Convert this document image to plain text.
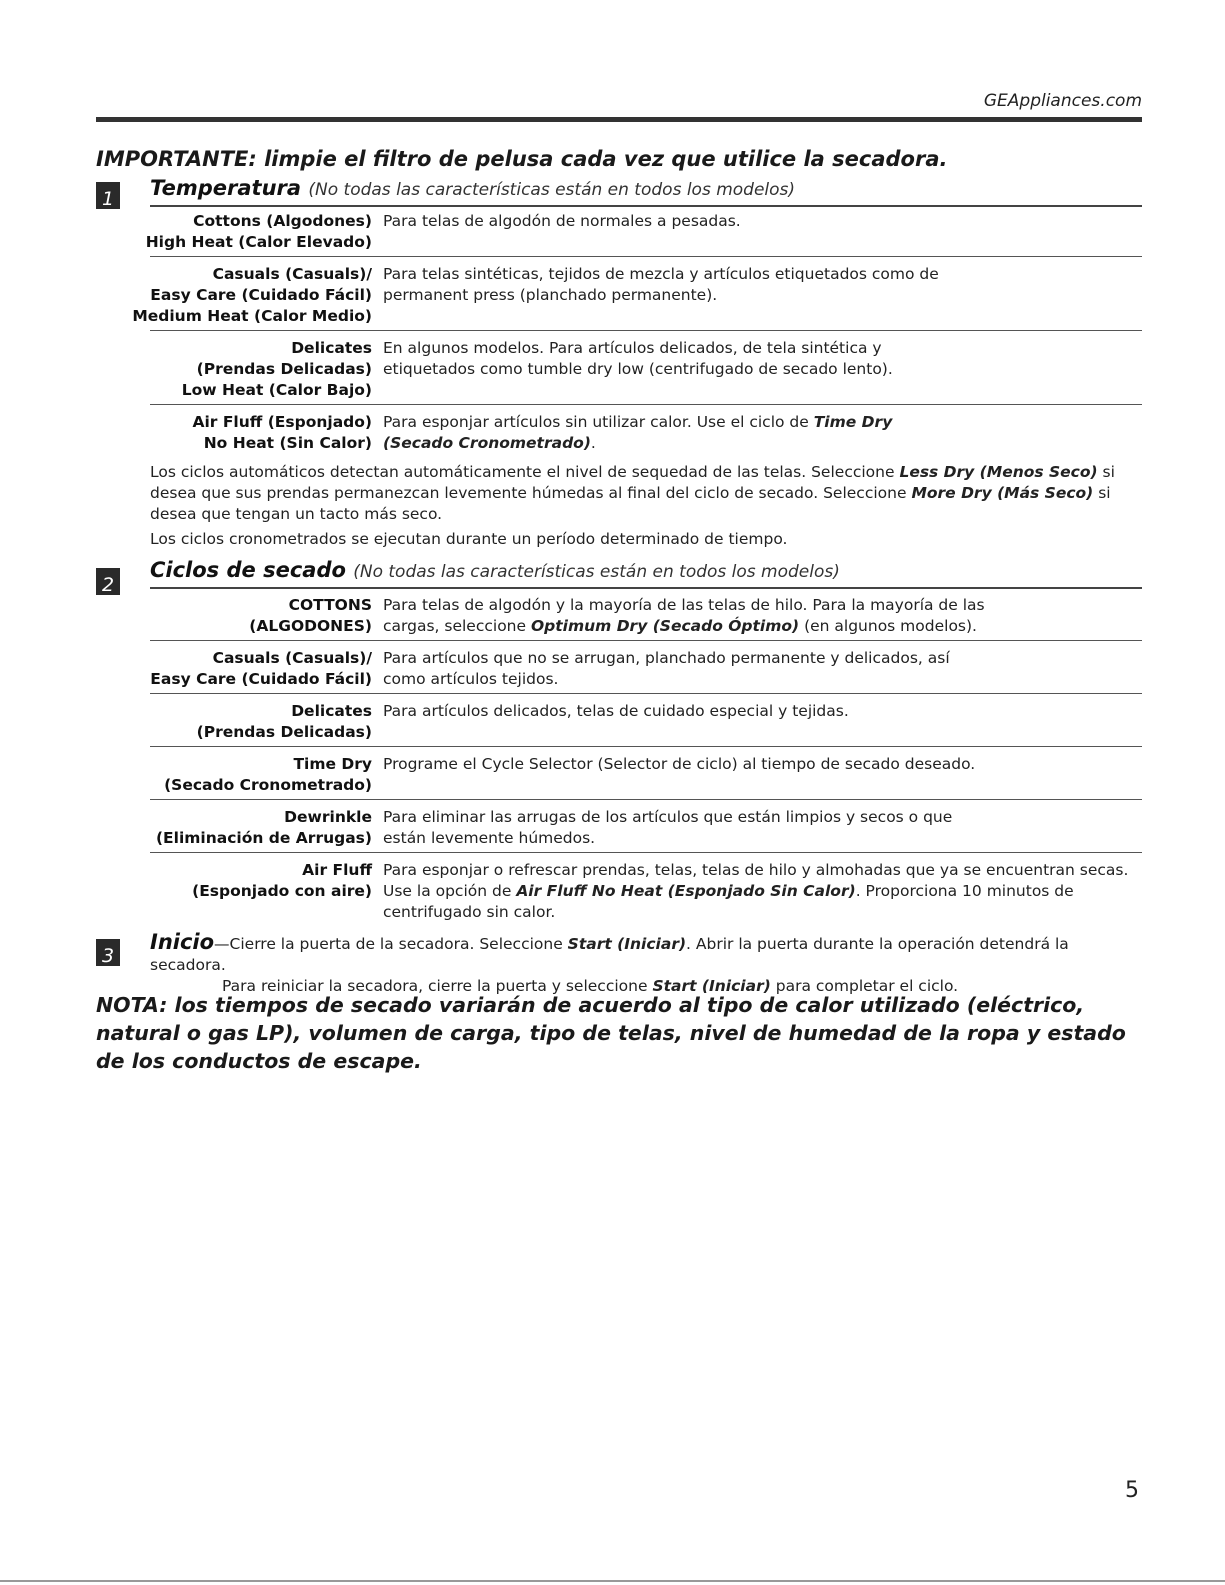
GEAppliances.com
IMPORTANTE: limpie el filtro de pelusa cada vez que utilice la secadora.
1 Temperatura (No todas las características están en todos los modelos)
Cottons (Algodones)
High Heat (Calor Elevado)
Para telas de algodón de normales a pesadas.
Casuals (Casuals)/
Easy Care (Cuidado Fácil)
Medium Heat (Calor Medio)
Para telas sintéticas, tejidos de mezcla y artículos etiquetados como de permanent press (planchado permanente).
Delicates
(Prendas Delicadas)
Low Heat (Calor Bajo)
En algunos modelos. Para artículos delicados, de tela sintética y etiquetados como tumble dry low (centrifugado de secado lento).
Air Fluff (Esponjado)
No Heat (Sin Calor)
Para esponjar artículos sin utilizar calor. Use el ciclo de Time Dry (Secado Cronometrado).
Los ciclos automáticos detectan automáticamente el nivel de sequedad de las telas. Seleccione Less Dry (Menos Seco) si desea que sus prendas permanezcan levemente húmedas al final del ciclo de secado. Seleccione More Dry (Más Seco) si desea que tengan un tacto más seco.
Los ciclos cronometrados se ejecutan durante un período determinado de tiempo.
2
Ciclos de secado (No todas las características están en todos los modelos)
COTTONS
(ALGODONES)
Para telas de algodón y la mayoría de las telas de hilo. Para la mayoría de las cargas, seleccione Optimum Dry (Secado Óptimo) (en algunos modelos).
Casuals (Casuals)/
Easy Care (Cuidado Fácil)
Para artículos que no se arrugan, planchado permanente y delicados, así como artículos tejidos.
Delicates
(Prendas Delicadas)
Para artículos delicados, telas de cuidado especial y tejidas.
Time Dry
(Secado Cronometrado)
Programe el Cycle Selector (Selector de ciclo) al tiempo de secado deseado.
Dewrinkle
(Eliminación de Arrugas)
Para eliminar las arrugas de los artículos que están limpios y secos o que están levemente húmedos.
Air Fluff
(Esponjado con aire)
Para esponjar o refrescar prendas, telas, telas de hilo y almohadas que ya se encuentran secas. Use la opción de Air Fluff No Heat (Esponjado Sin Calor). Proporciona 10 minutos de centrifugado sin calor.
3
Inicio—Cierre la puerta de la secadora. Seleccione Start (Iniciar). Abrir la puerta durante la operación detendrá la secadora.
Para reiniciar la secadora, cierre la puerta y seleccione Start (Iniciar) para completar el ciclo.
NOTA: los tiempos de secado variarán de acuerdo al tipo de calor utilizado (eléctrico, natural o gas LP), volumen de carga, tipo de telas, nivel de humedad de la ropa y estado de los conductos de escape.
5
